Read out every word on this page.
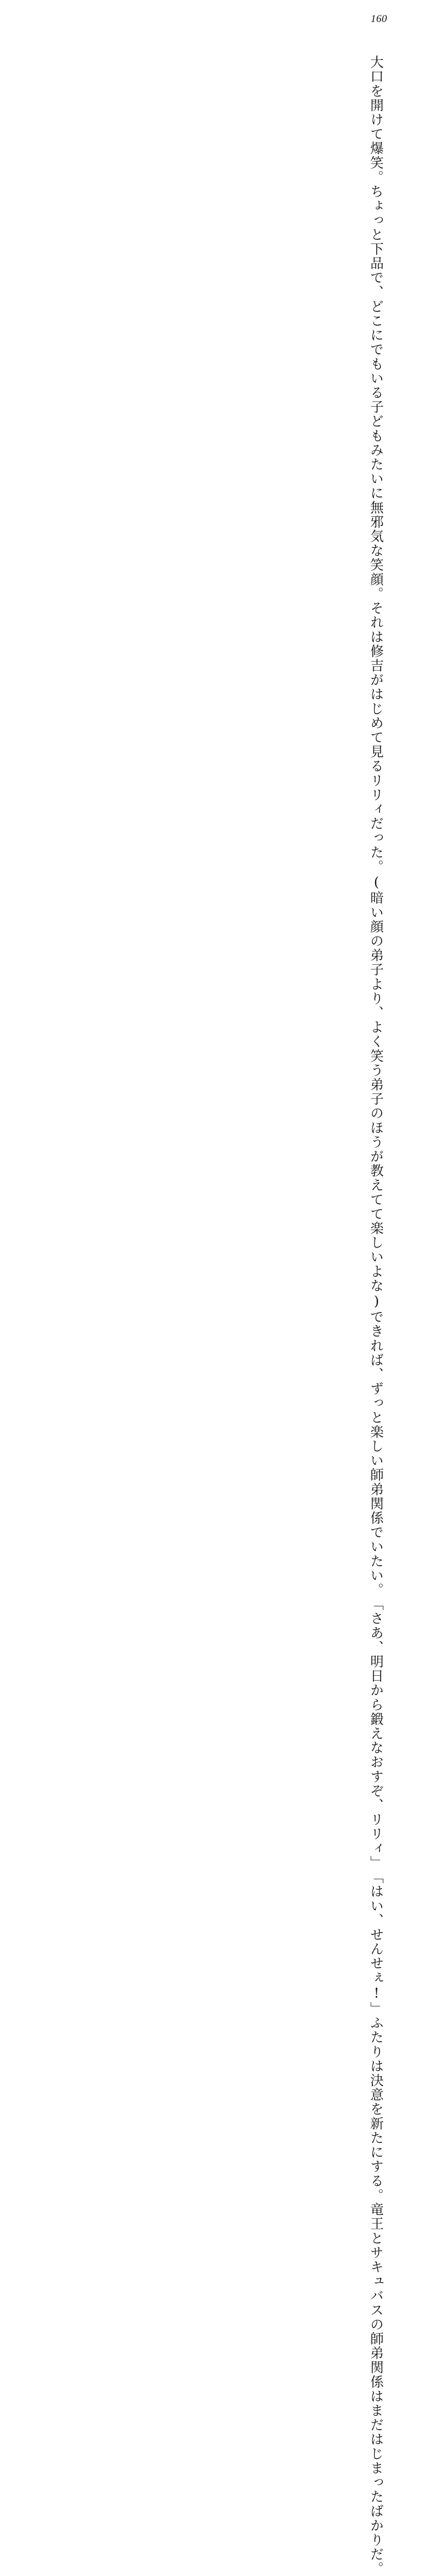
160

大口を開けて爆笑。

ちょっと下品で、どこにでもいる子どもみたいに無邪気な笑顔。

それは修吉がはじめて見るリリィだった。

(暗い顔の弟子より、よく笑う弟子のほうが教えてて楽しいよな)

できれば、ずっと楽しい師弟関係でいたい。

「さあ、明日から鍛えなおすぞ、リリィ」

「はい、せんせぇ!」

ふたりは決意を新たにする。

竜王とサキュバスの師弟関係はまだはじまったばかりだ。
